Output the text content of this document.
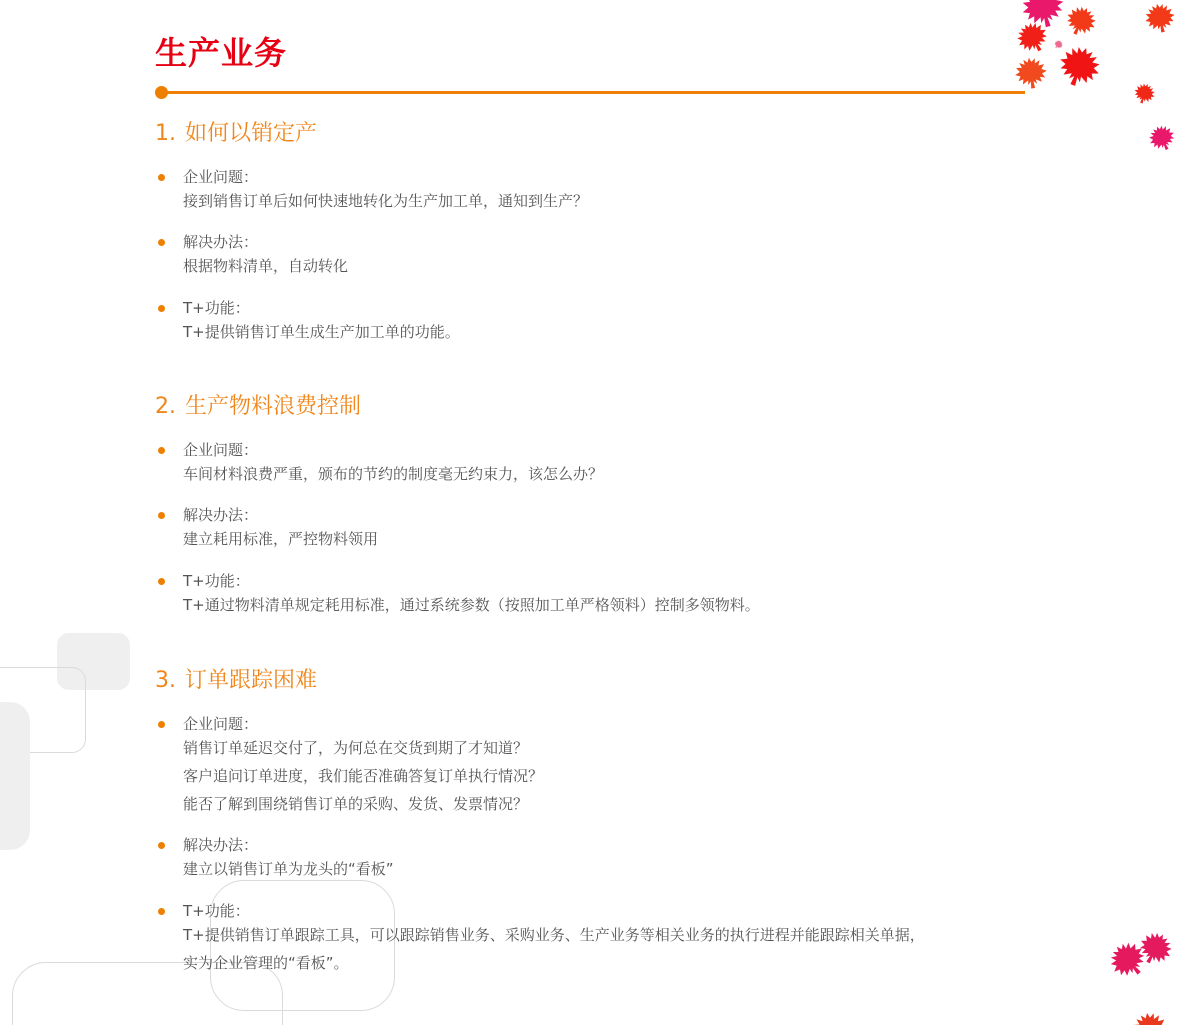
生产业务
1. 如何以销定产
企业问题：
接到销售订单后如何快速地转化为生产加工单，通知到生产？
解决办法：
根据物料清单，自动转化
T+功能：
T+提供销售订单生成生产加工单的功能。
2. 生产物料浪费控制
企业问题：
车间材料浪费严重，颁布的节约的制度毫无约束力，该怎么办？
解决办法：
建立耗用标准，严控物料领用
T+功能：
T+通过物料清单规定耗用标准，通过系统参数（按照加工单严格领料）控制多领物料。
3. 订单跟踪困难
企业问题：
销售订单延迟交付了，为何总在交货到期了才知道？
客户追问订单进度，我们能否准确答复订单执行情况？
能否了解到围绕销售订单的采购、发货、发票情况？
解决办法：
建立以销售订单为龙头的“看板”
T+功能：
T+提供销售订单跟踪工具，可以跟踪销售业务、采购业务、生产业务等相关业务的执行进程并能跟踪相关单据，
实为企业管理的“看板”。
